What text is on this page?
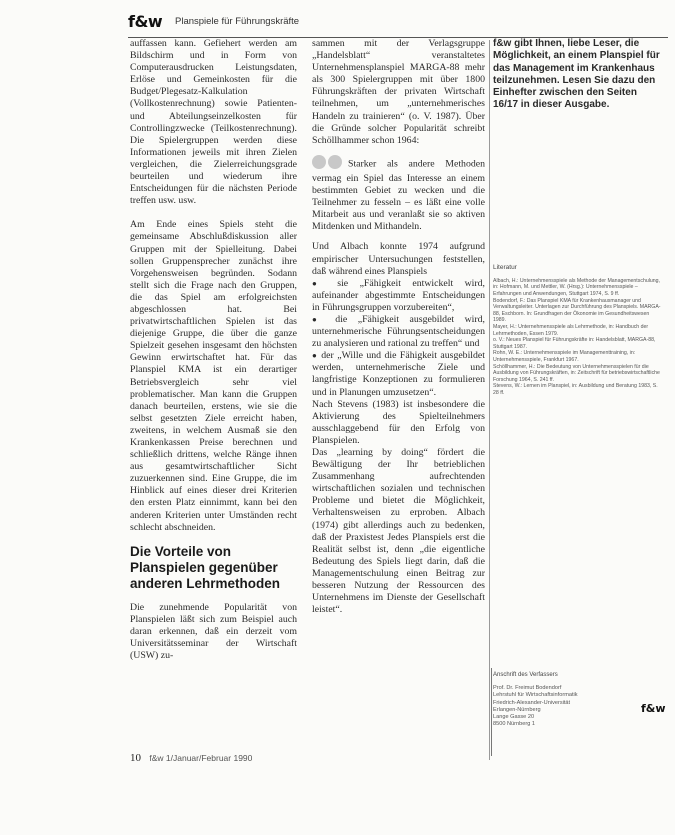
f&w Planspiele für Führungskräfte

auffassen kann. Gefiehert werden am Bildschirm und in Form von Computerausdrucken Leistungsdaten, Erlöse und Gemeinkosten für die Budget/Plegesatz-Kalkulation (Vollkostenrechnung) sowie Patienten- und Abteilungseinzelkosten für Controllingzwecke (Teilkostenrechnung). Die Spielergruppen werden diese Informationen jeweils mit ihren Zielen vergleichen, die Zielerreichungsgrade beurteilen und wiederum ihre Entscheidungen für die nächsten Periode treffen usw. usw.

Am Ende eines Spiels steht die gemeinsame Abschlußdiskussion aller Gruppen mit der Spielleitung. Dabei sollen Gruppensprecher zunächst ihre Vorgehensweisen begründen. Sodann stellt sich die Frage nach den Gruppen, die das Spiel am erfolgreichsten abgeschlossen hat. Bei privatwirtschaftlichen Spielen ist das diejenige Gruppe, die über die ganze Spielzeit gesehen insgesamt den höchsten Gewinn erwirtschaftet hat. Für das Planspiel KMA ist ein derartiger Betriebsvergleich sehr viel problematischer. Man kann die Gruppen danach beurteilen, erstens, wie sie die selbst gesetzten Ziele erreicht haben, zweitens, in welchem Ausmaß sie den Krankenkassen Preise berechnen und schließlich drittens, welche Ränge ihnen aus gesamtwirtschaftlicher Sicht zuzuerkennen sind. Eine Gruppe, die im Hinblick auf eines dieser drei Kriterien den ersten Platz einnimmt, kann bei den anderen Kriterien unter Umständen recht schlecht abschneiden.

Die Vorteile von Planspielen gegenüber anderen Lehrmethoden

Die zunehmende Popularität von Planspielen läßt sich zum Beispiel auch daran erkennen, daß ein derzeit vom Universitätsseminar der Wirtschaft (USW) zu-

sammen mit der Verlagsgruppe „Handelsblatt“ veranstaltetes Unternehmensplanspiel MARGA-88 mehr als 300 Spielergruppen mit über 1800 Führungskräften der privaten Wirtschaft teilnehmen, um „unternehmerisches Handeln zu trainieren“ (o. V. 1987). Über die Gründe solcher Popularität schreibt Schöllhammer schon 1964:

Starker als andere Methoden vermag ein Spiel das Interesse an einem bestimmten Gebiet zu wecken und die Teilnehmer zu fesseln – es läßt eine volle Mitarbeit aus und veranlaßt sie so aktiven Mitdenken und Mithandeln.

Und Albach konnte 1974 aufgrund empirischer Untersuchungen feststellen, daß während eines Planspiels

● sie „Fähigkeit entwickelt wird, aufeinander abgestimmte Entscheidungen in Führungsgruppen vorzubereiten“,

● die „Fähigkeit ausgebildet wird, unternehmerische Führungsentscheidungen zu analysieren und rational zu treffen“ und

● der „Wille und die Fähigkeit ausgebildet werden, unternehmerische Ziele und langfristige Konzeptionen zu formulieren und in Planungen umzusetzen“.

Nach Stevens (1983) ist insbesondere die Aktivierung des Spielteilnehmers ausschlaggebend für den Erfolg von Planspielen.

Das „learning by doing“ fördert die Bewältigung der Ihr betrieblichen Zusammenhang aufrechtenden wirtschaftlichen sozialen und technischen Probleme und bietet die Möglichkeit, Verhaltensweisen zu erproben. Albach (1974) gibt allerdings auch zu bedenken, daß der Praxistest Jedes Planspiels erst die Realität selbst ist, denn „die eigentliche Bedeutung des Spiels liegt darin, daß die Managementschulung einen Beitrag zur besseren Nutzung der Ressourcen des Unternehmens im Dienste der Gesellschaft leistet“.

f&w gibt Ihnen, liebe Leser, die Möglichkeit, an einem Planspiel für das Management im Krankenhaus teilzunehmen. Lesen Sie dazu den Einhefter zwischen den Seiten 16/17 in dieser Ausgabe.
Literatur

Albach, H.: Unternehmensspiele als Methode der Managementschulung, in: Hofmann, M. und Mettler, W. (Hrsg.): Unternehmensspiele – Erfahrungen und Anwendungen, Stuttgart 1974, S. 9 ff.

Bodendorf, F.: Das Planspiel KMA für Krankenhausmanager und Verwaltungsleiter. Unterlagen zur Durchführung des Planspiels. MARGA-88, Eschborn. In: Grundfragen der Ökonomie im Gesundheitswesen 1989.

Mayer, H.: Unternehmensspiele als Lehrmethode, in: Handbuch der Lehrmethoden, Essen 1979.

o. V.: Neues Planspiel für Führungskräfte in: Handelsblatt, MARGA-88, Stuttgart 1987.

Rohn, W. E.: Unternehmensspiele im Managementtraining, in: Unternehmensspiele, Frankfurt 1967.

Schöllhammer, H.: Die Bedeutung von Unternehmensspielen für die Ausbildung von Führungskräften, in: Zeitschrift für betriebswirtschaftliche Forschung 1964, S. 241 ff.

Stevens, W.: Lernen im Planspiel, in: Ausbildung und Beratung 1983, S. 28 ff.

Anschrift des Verfassers
Prof. Dr. Freimut Bodendorf
Lehrstuhl für Wirtschaftsinformatik
Friedrich-Alexander-Universität
Erlangen-Nürnberg
Lange Gasse 20
8500 Nürnberg 1
f&w
10 f&w 1/Januar/Februar 1990
